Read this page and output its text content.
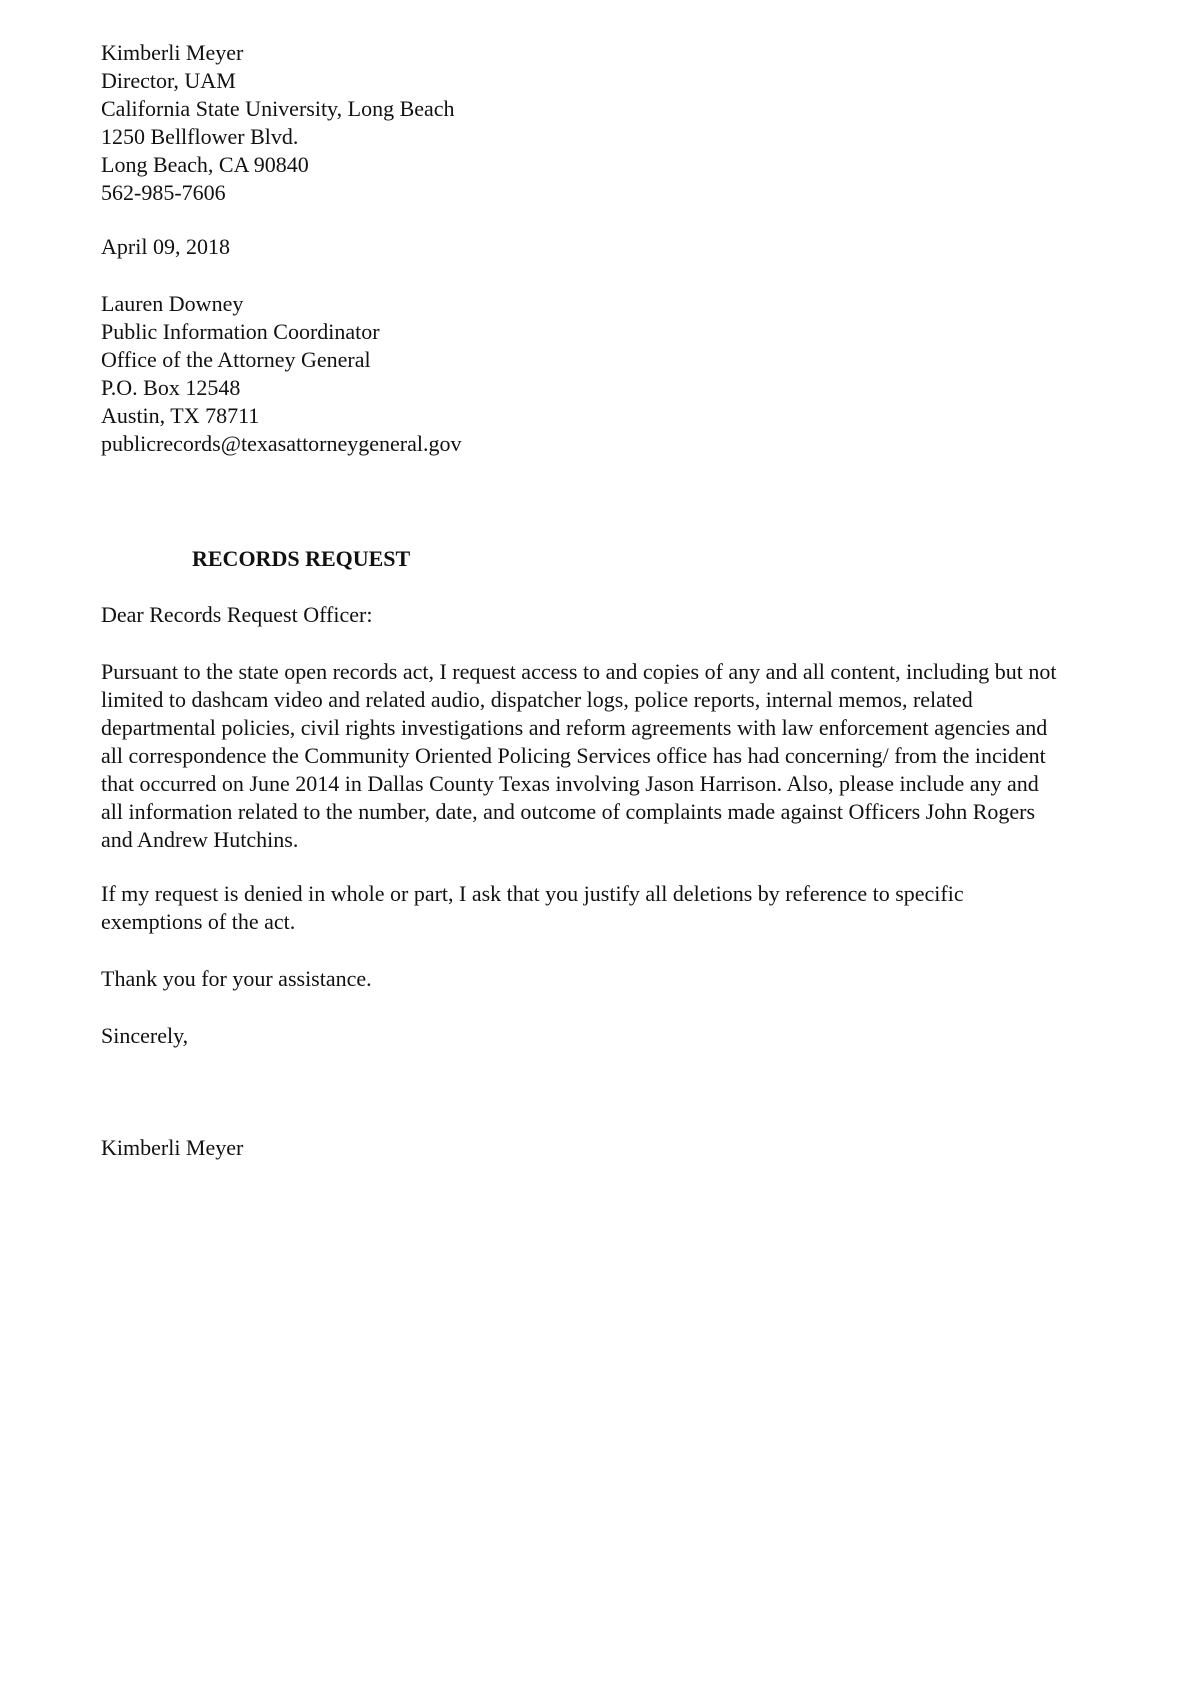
Kimberli Meyer
Director, UAM
California State University, Long Beach
1250 Bellflower Blvd.
Long Beach, CA 90840
562-985-7606
April 09, 2018
Lauren Downey
Public Information Coordinator
Office of the Attorney General
P.O. Box 12548
Austin, TX 78711
publicrecords@texasattorneygeneral.gov
RECORDS REQUEST
Dear Records Request Officer:
Pursuant to the state open records act, I request access to and copies of any and all content, including but not
limited to dashcam video and related audio, dispatcher logs, police reports, internal memos, related
departmental policies, civil rights investigations and reform agreements with law enforcement agencies and
all correspondence the Community Oriented Policing Services office has had concerning/ from the incident
that occurred on June 2014 in Dallas County Texas involving Jason Harrison. Also, please include any and
all information related to the number, date, and outcome of complaints made against Officers John Rogers
and Andrew Hutchins.
If my request is denied in whole or part, I ask that you justify all deletions by reference to specific
exemptions of the act.
Thank you for your assistance.
Sincerely,
Kimberli Meyer
